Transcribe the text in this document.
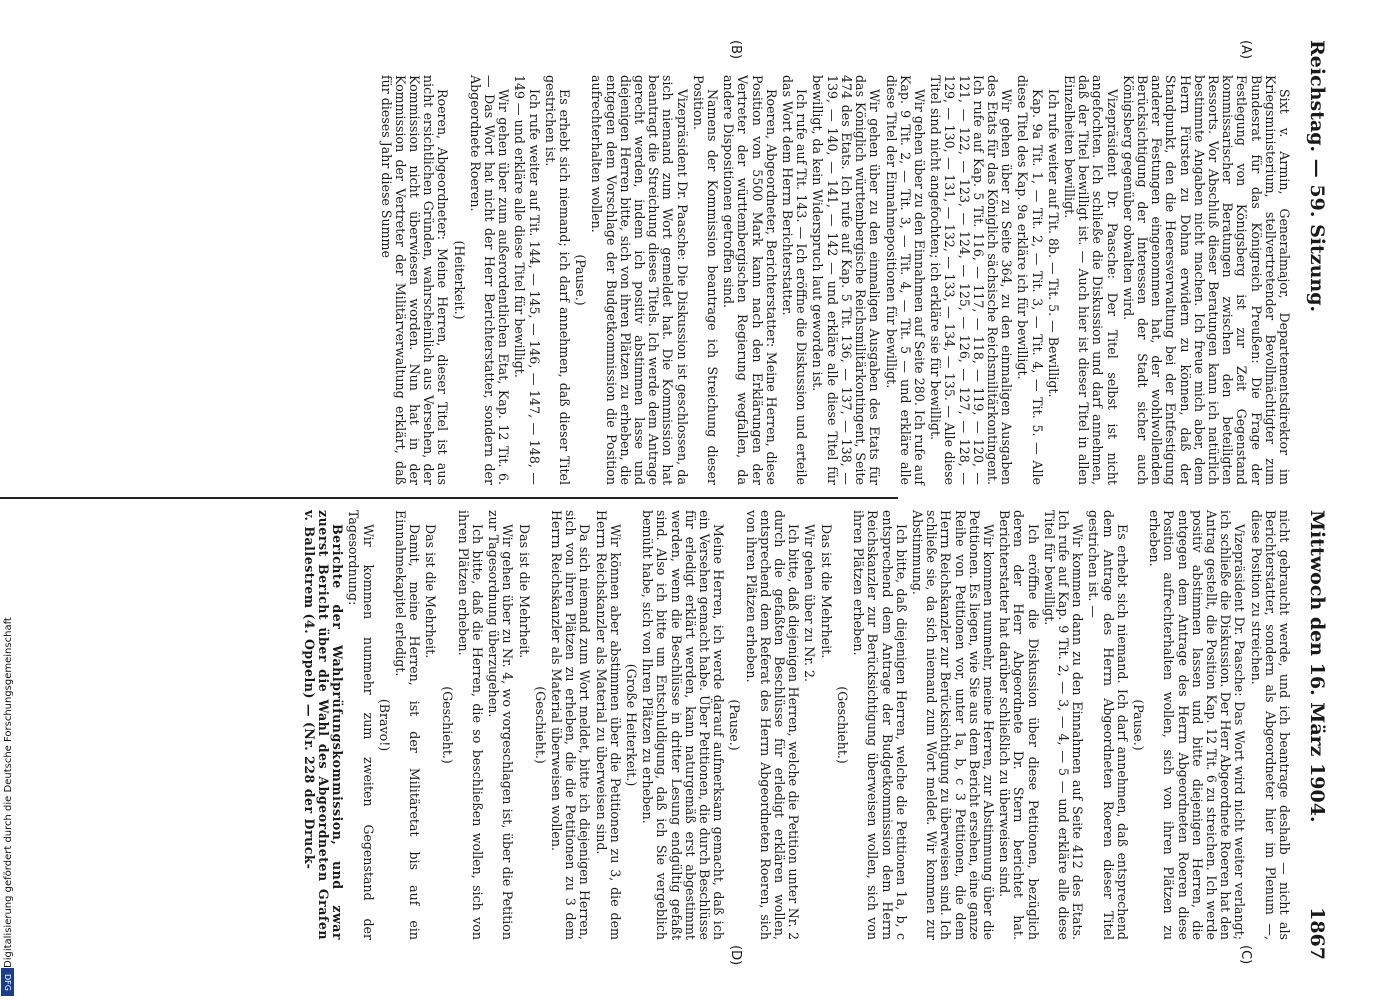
Reichstag. — 59. Sitzung.
Mittwoch den 16. März 1904.
1867
(A)
(B)
(C)
(D)

Sixt v. Armin, Generalmajor, Departementsdirektor im Kriegsministerium, stellvertretender Bevollmächtigter zum Bundesrat für das Königreich Preußen: Die Frage der Festlegung von Königsberg ist zur Zeit Gegenstand kommissarischer Beratungen zwischen den beteiligten Ressorts. Vor Abschluß dieser Beratungen kann ich natürlich bestimmte Angaben nicht machen. Ich freue mich aber, dem Herrn Fürsten zu Dohna erwidern zu können, daß der Standpunkt, den die Heeresverwaltung bei der Entfestigung anderer Festungen eingenommen hat, der wohlwollenden Berücksichtigung der Interessen der Stadt sicher auch Königsberg gegenüber obwalten wird.

Vizepräsident Dr. Paasche: Der Titel selbst ist nicht angefochten. Ich schließe die Diskussion und darf annehmen, daß der Titel bewilligt ist. — Auch hier ist dieser Titel in allen Einzelheiten bewilligt.

Ich rufe weiter auf Tit. 8b. — Tit. 5. — Bewilligt.

Kap. 9a Tit. 1, — Tit. 2, — Tit. 3, — Tit. 4, — Tit. 5. — Alle diese Titel des Kap. 9a erkläre ich für bewilligt.

Wir gehen über zu Seite 364, zu den einmaligen Ausgaben des Etats für das Königlich sächsische Reichsmilitärkontingent. Ich rufe auf Kap. 5 Tit. 116, — 117, — 118, — 119, — 120, — 121, — 122, — 123, — 124, — 125, — 126, — 127, — 128, — 129, — 130, — 131, — 132, — 133, — 134, — 135. — Alle diese Titel sind nicht angefochten; ich erkläre sie für bewilligt.

Wir gehen über zu den Einnahmen auf Seite 280. Ich rufe auf Kap. 9 Tit. 2, — Tit. 3, — Tit. 4, — Tit. 5 — und erkläre alle diese Titel der Einnahmepositionen für bewilligt.

Wir gehen über zu den einmaligen Ausgaben des Etats für das Königlich württembergische Reichsmilitärkontingent, Seite 474 des Etats. Ich rufe auf Kap. 5 Tit. 136, — 137, — 138, — 139, — 140, — 141, — 142 — und erkläre alle diese Titel für bewilligt, da kein Widerspruch laut geworden ist.

Ich rufe auf Tit. 143. — Ich eröffne die Diskussion und erteile das Wort dem Herrn Berichterstatter.

Roeren, Abgeordneter, Berichterstatter: Meine Herren, diese Position von 5500 Mark kann nach den Erklärungen der Vertreter der württembergischen Regierung wegfallen, da andere Dispositionen getroffen sind.

Namens der Kommission beantrage ich Streichung dieser Position.

Vizepräsident Dr. Paasche: Die Diskussion ist geschlossen, da sich niemand zum Wort gemeldet hat. Die Kommission hat beantragt die Streichung dieses Titels. Ich werde dem Antrage gerecht werden, indem ich positiv abstimmen lasse und diejenigen Herren bitte, sich von ihren Plätzen zu erheben, die entgegen dem Vorschlage der Budgetkommission die Position aufrechterhalten wollen.

(Pause.)

Es erhebt sich niemand; ich darf annehmen, daß dieser Titel gestrichen ist.

Ich rufe weiter auf Tit. 144, — 145, — 146, — 147, — 148, — 149 — und erkläre alle diese Titel für bewilligt.

Wir gehen über zum außerordentlichen Etat, Kap. 12 Tit. 6. — Das Wort hat nicht der Herr Berichterstatter, sondern der Abgeordnete Roeren.

(Heiterkeit.)

Roeren, Abgeordneter: Meine Herren, dieser Titel ist aus nicht ersichtlichen Gründen, wahrscheinlich aus Versehen, der Kommission nicht überwiesen worden. Nun hat in der Kommission der Vertreter der Militärverwaltung erklärt, daß für dieses Jahr diese Summe

nicht gebraucht werde, und ich beantrage deshalb — nicht als Berichterstatter, sondern als Abgeordneter hier im Plenum —, diese Position zu streichen.

Vizepräsident Dr. Paasche: Das Wort wird nicht weiter verlangt; ich schließe die Diskussion. Der Herr Abgeordnete Roeren hat den Antrag gestellt, die Position Kap. 12 Tit. 6 zu streichen. Ich werde positiv abstimmen lassen und bitte diejenigen Herren, die entgegen dem Antrage des Herrn Abgeordneten Roeren diese Position aufrechterhalten wollen, sich von ihren Plätzen zu erheben.

(Pause.)

Es erhebt sich niemand. Ich darf annehmen, daß entsprechend dem Antrage des Herrn Abgeordneten Roeren dieser Titel gestrichen ist. —

Wir kommen dann zu den Einnahmen auf Seite 412 des Etats. Ich rufe auf Kap. 9 Tit. 2, — 3, — 4, — 5 — und erkläre alle diese Titel für bewilligt.

Ich eröffne die Diskussion über diese Petitionen, bezüglich deren der Herr Abgeordnete Dr. Stern berichtet hat. Berichterstatter hat darüber schließlich zu überweisen sind.

Wir kommen nunmehr, meine Herren, zur Abstimmung über die Petitionen. Es liegen, wie Sie aus dem Bericht ersehen, eine ganze Reihe von Petitionen vor, unter 1a, b, c 3 Petitionen, die dem Herrn Reichskanzler zur Berücksichtigung zu überweisen sind. Ich schließe sie, da sich niemand zum Wort meldet. Wir kommen zur Abstimmung.

Ich bitte, daß diejenigen Herren, welche die Petitionen 1a, b, c entsprechend dem Antrage der Budgetkommission dem Herrn Reichskanzler zur Berücksichtigung überweisen wollen, sich von ihren Plätzen erheben.

(Geschieht.)

Das ist die Mehrheit.

Wir gehen über zu Nr. 2.

Ich bitte, daß diejenigen Herren, welche die Petition unter Nr. 2 durch die gefaßten Beschlüsse für erledigt erklären wollen, entsprechend dem Referat des Herrn Abgeordneten Roeren, sich von ihren Plätzen erheben.

(Pause.)

Meine Herren, ich werde darauf aufmerksam gemacht, daß ich ein Versehen gemacht habe. Über Petitionen, die durch Beschlüsse für erledigt erklärt werden, kann naturgemäß erst abgestimmt werden, wenn die Beschlüsse in dritter Lesung endgültig gefaßt sind. Also ich bitte um Entschuldigung, daß ich Sie vergeblich bemüht habe, sich von Ihren Plätzen zu erheben.

(Große Heiterkeit.)

Wir können aber abstimmen über die Petitionen zu 3, die dem Herrn Reichskanzler als Material zu überweisen sind.

Da sich niemand zum Wort meldet, bitte ich diejenigen Herren, sich von ihren Plätzen zu erheben, die die Petitionen zu 3 dem Herrn Reichskanzler als Material überweisen wollen.

(Geschieht.)

Das ist die Mehrheit.

Wir gehen über zu Nr. 4, wo vorgeschlagen ist, über die Petition zur Tagesordnung überzugehen.

Ich bitte, daß die Herren, die so beschließen wollen, sich von ihren Plätzen erheben.

(Geschieht.)

Das ist die Mehrheit.

Damit, meine Herren, ist der Militäretat bis auf ein Einnahmekapitel erledigt.

(Bravo!)

Wir kommen nunmehr zum zweiten Gegenstand der Tagesordnung:

Berichte der Wahlprüfungskommission, und zwar zuerst Bericht über die Wahl des Abgeordneten Grafen v. Ballestrem (4. Oppeln) — (Nr. 228 der Druck-

Digitalisierung gefördert durch die Deutsche Forschungsgemeinschaft
DFG
